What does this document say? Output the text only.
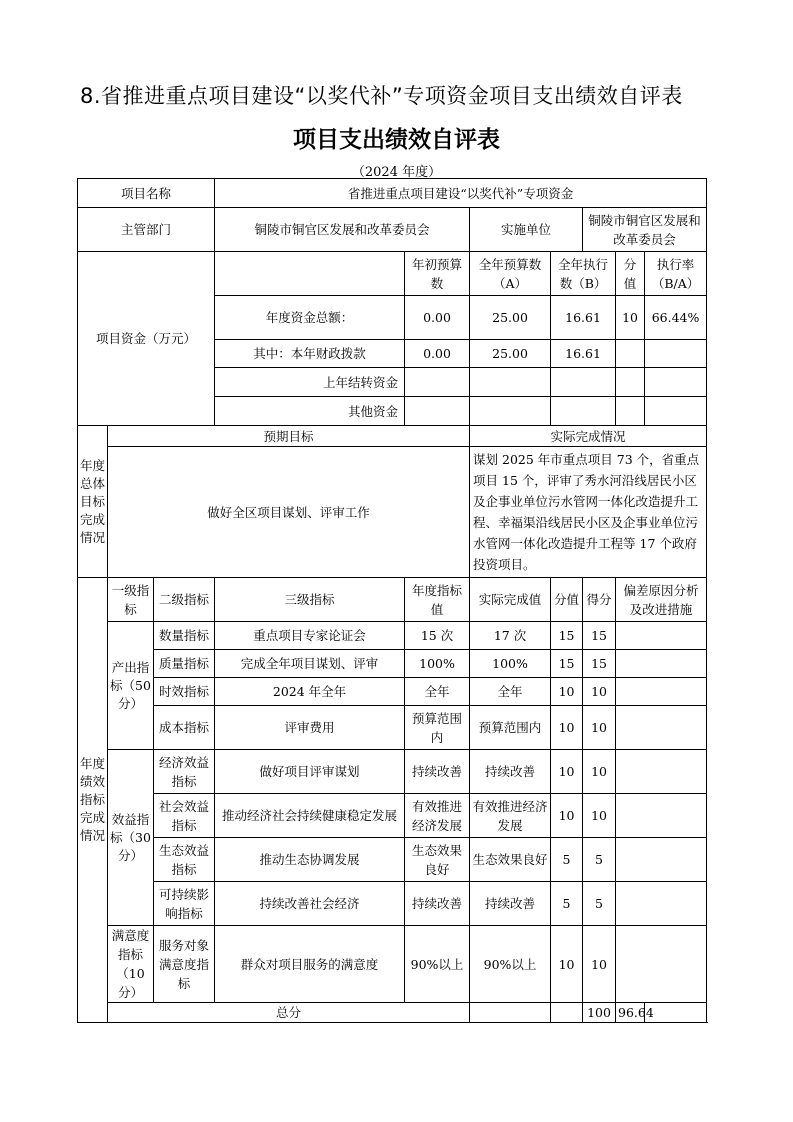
8.省推进重点项目建设“以奖代补”专项资金项目支出绩效自评表
项目支出绩效自评表
（2024 年度）
项目名称			省推进重点项目建设“以奖代补”专项资金							
主管部门			铜陵市铜官区发展和改革委员会		实施单位		铜陵市铜官区发展和改革委员会			
项目资金（万元）				年初预算数	全年预算数（A）	全年执行数（B）		分值	执行率（B/A）	
			年度资金总额：	0.00	25.00	16.61		10	66.44%	
			其中：本年财政拨款	0.00	25.00	16.61				
			上年结转资金							
			其他资金							
年度总体目标完成情况	预期目标				实际完成情况					
	做好全区项目谋划、评审工作				谋划 2025 年市重点项目 73 个，省重点项目 15 个，评审了秀水河沿线居民小区及企事业单位污水管网一体化改造提升工程、幸福渠沿线居民小区及企事业单位污水管网一体化改造提升工程等 17 个政府投资项目。					
年度绩效指标完成情况	一级指标	二级指标	三级指标	年度指标值	实际完成值	分值	得分	偏差原因分析及改进措施		
	产出指标（50 分）	数量指标	重点项目专家论证会	15 次	17 次	15	15			
		质量指标	完成全年项目谋划、评审	100%	100%	15	15			
		时效指标	2024 年全年	全年	全年	10	10			
		成本指标	评审费用	预算范围内	预算范围内	10	10			
	效益指标（30 分）	经济效益指标	做好项目评审谋划	持续改善	持续改善	10	10			
		社会效益指标	推动经济社会持续健康稳定发展	有效推进经济发展	有效推进经济发展	10	10			
		生态效益指标	推动生态协调发展	生态效果良好	生态效果良好	5	5			
		可持续影响指标	持续改善社会经济	持续改善	持续改善	5	5			
	满意度指标（10 分）	服务对象满意度指标	群众对项目服务的满意度	90%以上	90%以上	10	10			
	总分						100	96.64		
